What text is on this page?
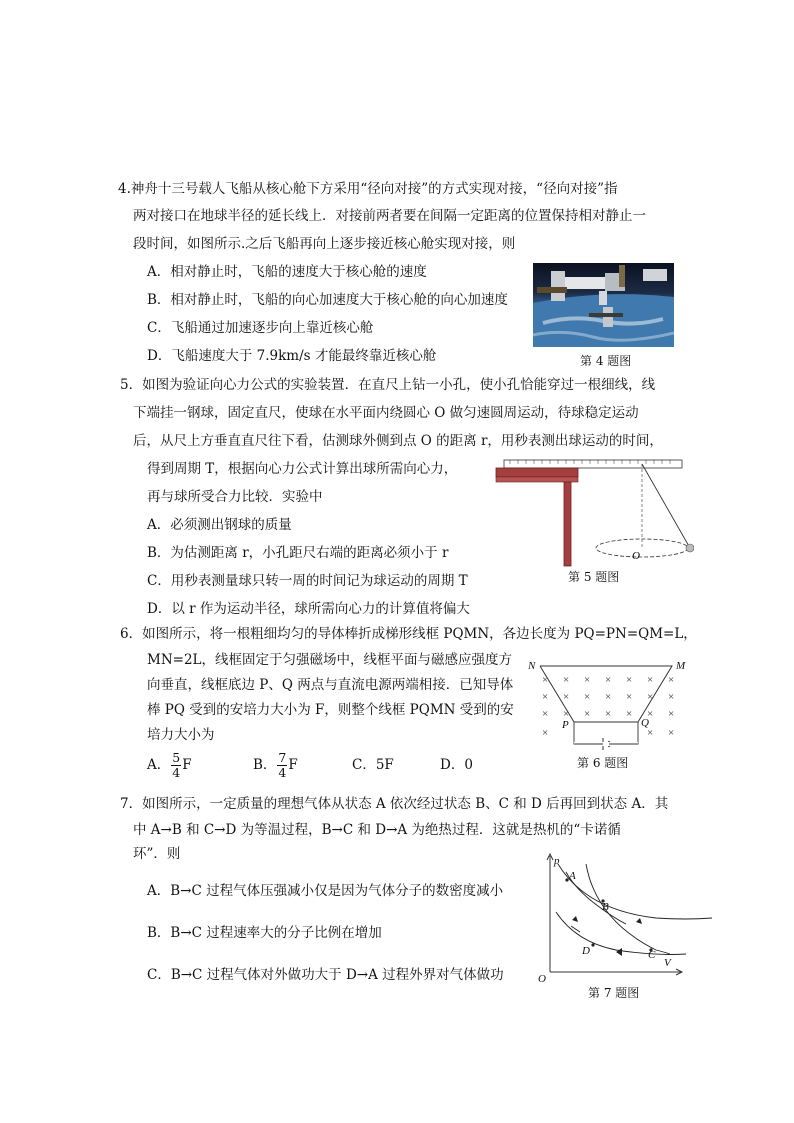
4.神舟十三号载人飞船从核心舱下方采用“径向对接”的方式实现对接，“径向对接”指
两对接口在地球半径的延长线上．对接前两者要在间隔一定距离的位置保持相对静止一
段时间，如图所示.之后飞船再向上逐步接近核心舱实现对接，则
A．相对静止时，飞船的速度大于核心舱的速度
B．相对静止时，飞船的向心加速度大于核心舱的向心加速度
C．飞船通过加速逐步向上靠近核心舱
D．飞船速度大于 7.9km/s 才能最终靠近核心舱	第 4 题图
5．如图为验证向心力公式的实验装置．在直尺上钻一小孔，使小孔恰能穿过一根细线，线
下端挂一钢球，固定直尺，使球在水平面内绕圆心 O 做匀速圆周运动，待球稳定运动
后，从尺上方垂直直尺往下看，估测球外侧到点 O 的距离 r，用秒表测出球运动的时间，
得到周期 T，根据向心力公式计算出球所需向心力，
再与球所受合力比较．实验中
A．必须测出钢球的质量
B．为估测距离 r，小孔距尺右端的距离必须小于 r
C．用秒表测量球只转一周的时间记为球运动的周期 T
D．以 r 作为运动半径，球所需向心力的计算值将偏大
O
第 5 题图
6．如图所示，将一根粗细均匀的导体棒折成梯形线框 PQMN，各边长度为 PQ=PN=QM=L，
MN=2L，线框固定于匀强磁场中，线框平面与磁感应强度方
向垂直，线框底边 P、Q 两点与直流电源两端相接．已知导体
棒 PQ 受到的安培力大小为 F，则整个线框 PQMN 受到的安
培力大小为
A． $\frac{5}{4}$ F	B． $\frac{7}{4}$ F	C．5F	D．0
× × × × × × ×
× × × × × × ×
× × × × × × ×
×	× ×
N	M
P	Q
第 6 题图
7．如图所示，一定质量的理想气体从状态 A 依次经过状态 B、C 和 D 后再回到状态 A．其
中 A→B 和 C→D 为等温过程，B→C 和 D→A 为绝热过程．这就是热机的“卡诺循
环”．则
A．B→C 过程气体压强减小仅是因为气体分子的数密度减小
B．B→C 过程速率大的分子比例在增加
C．B→C 过程气体对外做功大于 D→A 过程外界对气体做功
p
A
B
D	C
V
O
第 7 题图
